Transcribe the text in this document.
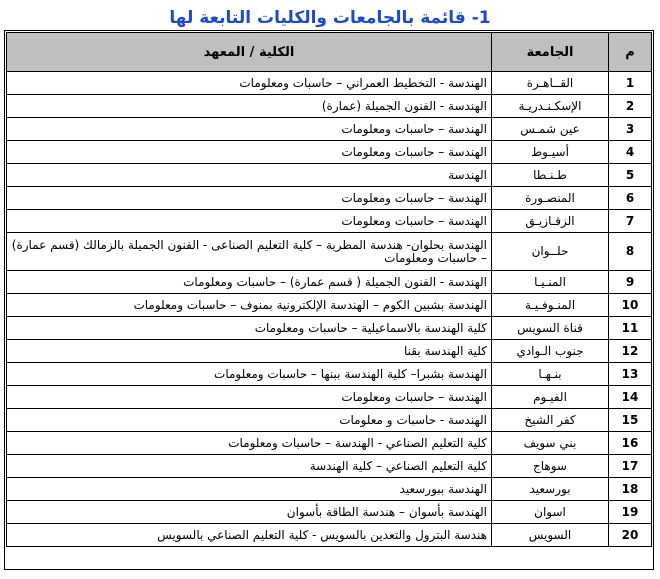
1- قائمة بالجامعات والكليات التابعة لها
م	الجامعة	الكلية / المعهد
1	القــاهـرة	الهندسة - التخطيط العمراني – حاسبات ومعلومات
2	الإسكـنـدريـة	الهندسة - الفنون الجميلة (عمارة)
3	عين شمـس	الهندسة – حاسبات ومعلومات
4	أسيـوط	الهندسة – حاسبات ومعلومات
5	طـنـطا	الهندسة
6	المنصـورة	الهندسة – حاسبات ومعلومات
7	الزقـازيـق	الهندسة – حاسبات ومعلومات
8	حلــوان	الهندسة بحلوان- هندسة المطرية – كلية التعليم الصناعى - الفنون الجميلة بالزمالك (قسم عمارة) – حاسبات ومعلومات
9	المنـيـا	الهندسة - الفنون الجميلة ( قسم عمارة) – حاسبات ومعلومات
10	المنـوفـيـة	الهندسة بشبين الكوم – الهندسة الإلكترونية بمنوف – حاسبات ومعلومات
11	قناة السويس	كلية الهندسة بالاسماعيلية – حاسبات ومعلومات
12	جنوب الـوادي	كلية الهندسة بقنا
13	بنـهـا	الهندسة بشبرا– كلية الهندسة ببنها – حاسبات ومعلومات
14	الفيـوم	الهندسة – حاسبات ومعلومات
15	كفر الشيخ	الهندسة - حاسبات و معلومات
16	بني سويف	كلية التعليم الصناعي - الهندسة – حاسبات ومعلومات
17	سوهاج	كلية التعليم الصناعي – كلية الهندسة
18	بورسعيد	الهندسة ببورسعيد
19	اسوان	الهندسة بأسوان – هندسة الطاقة بأسوان
20	السويس	هندسة البترول والتعدين بالسويس - كلية التعليم الصناعي بالسويس
